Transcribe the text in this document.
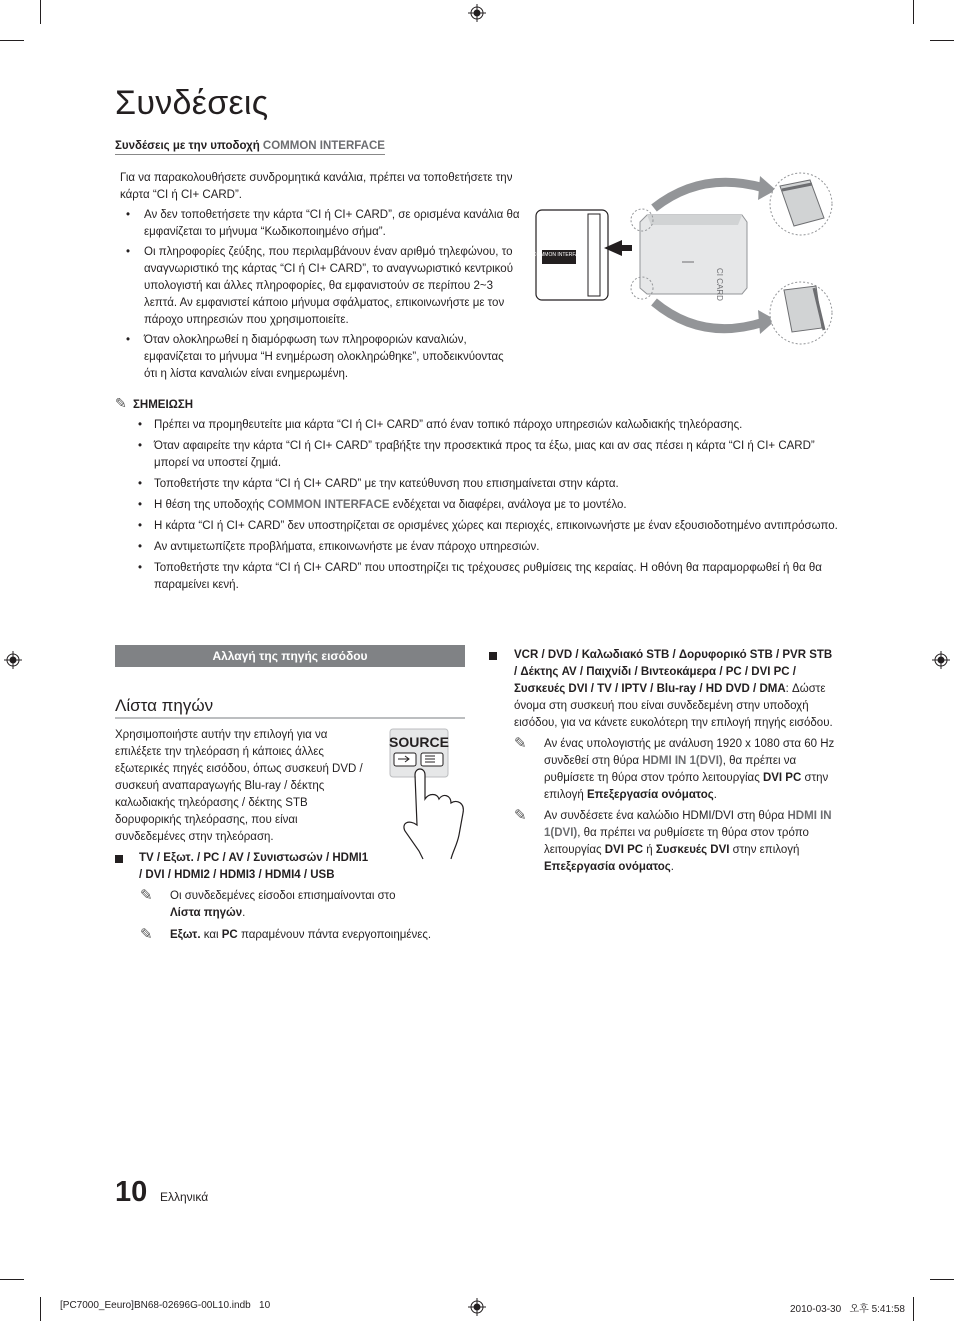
Συνδέσεις
Συνδέσεις με την υποδοχή COMMON INTERFACE
Για να παρακολουθήσετε συνδρομητικά κανάλια, πρέπει να τοποθετήσετε την κάρτα “CI ή CI+ CARD”.
• Αν δεν τοποθετήσετε την κάρτα “CI ή CI+ CARD”, σε ορισμένα κανάλια θα εμφανίζεται το μήνυμα “Κωδικοποιημένο σήμα”.
• Οι πληροφορίες ζεύξης, που περιλαμβάνουν έναν αριθμό τηλεφώνου, το αναγνωριστικό της κάρτας “CI ή CI+ CARD”, το αναγνωριστικό κεντρικού υπολογιστή και άλλες πληροφορίες, θα εμφανιστούν σε περίπου 2~3 λεπτά. Αν εμφανιστεί κάποιο μήνυμα σφάλματος, επικοινωνήστε με τον πάροχο υπηρεσιών που χρησιμοποιείτε.
• Όταν ολοκληρωθεί η διαμόρφωση των πληροφοριών καναλιών, εμφανίζεται το μήνυμα “Η ενημέρωση ολοκληρώθηκε”, υποδεικνύοντας ότι η λίστα καναλιών είναι ενημερωμένη.
COMMON INTERFACE
CI CARD
✎ ΣΗΜΕΙΩΣΗ
• Πρέπει να προμηθευτείτε μια κάρτα “CI ή CI+ CARD” από έναν τοπικό πάροχο υπηρεσιών καλωδιακής τηλεόρασης.
• Όταν αφαιρείτε την κάρτα “CI ή CI+ CARD” τραβήξτε την προσεκτικά προς τα έξω, μιας και αν σας πέσει η κάρτα “CI ή CI+ CARD” μπορεί να υποστεί ζημιά.
• Τοποθετήστε την κάρτα “CI ή CI+ CARD” με την κατεύθυνση που επισημαίνεται στην κάρτα.
• Η θέση της υποδοχής COMMON INTERFACE ενδέχεται να διαφέρει, ανάλογα με το μοντέλο.
• Η κάρτα “CI ή CI+ CARD” δεν υποστηρίζεται σε ορισμένες χώρες και περιοχές, επικοινωνήστε με έναν εξουσιοδοτημένο αντιπρόσωπο.
• Αν αντιμετωπίζετε προβλήματα, επικοινωνήστε με έναν πάροχο υπηρεσιών.
• Τοποθετήστε την κάρτα “CI ή CI+ CARD” που υποστηρίζει τις τρέχουσες ρυθμίσεις της κεραίας. Η οθόνη θα παραμορφωθεί ή θα θα παραμείνει κενή.
Αλλαγή της πηγής εισόδου
Λίστα πηγών
Χρησιμοποιήστε αυτήν την επιλογή για να επιλέξετε την τηλεόραση ή κάποιες άλλες εξωτερικές πηγές εισόδου, όπως συσκευή DVD / συσκευή αναπαραγωγής Blu-ray / δέκτης καλωδιακής τηλεόρασης / δέκτης STB δορυφορικής τηλεόρασης, που είναι συνδεδεμένες στην τηλεόραση.
SOURCE
TV / Εξωτ. / PC / AV / Συνιστωσών / HDMI1 / DVI / HDMI2 / HDMI3 / HDMI4 / USB
✎	Οι συνδεδεμένες είσοδοι επισημαίνονται στο
Λίστα πηγών.
✎	Εξωτ. και PC παραμένουν πάντα ενεργοποιημένες.
VCR / DVD / Καλωδιακό STB / Δορυφορικό STB / PVR STB / Δέκτης AV / Παιχνίδι / Βιντεοκάμερα / PC / DVI PC / Συσκευές DVI / TV / IPTV / Blu-ray / HD DVD / DMA: Δώστε όνομα στη συσκευή που είναι συνδεδεμένη στην υποδοχή εισόδου, για να κάνετε ευκολότερη την επιλογή πηγής εισόδου.
✎	Αν ένας υπολογιστής με ανάλυση 1920 x 1080 στα 60 Hz συνδεθεί στη θύρα HDMI IN 1(DVI), θα πρέπει να ρυθμίσετε τη θύρα στον τρόπο λειτουργίας DVI PC στην επιλογή Επεξεργασία ονόματος.
✎	Αν συνδέσετε ένα καλώδιο HDMI/DVI στη θύρα HDMI IN 1(DVI), θα πρέπει να ρυθμίσετε τη θύρα στον τρόπο λειτουργίας DVI PC ή Συσκευές DVI στην επιλογή Επεξεργασία ονόματος.
10 Ελληνικά
[PC7000_Eeuro]BN68-02696G-00L10.indb   10	2010-03-30   오후 5:41:58
